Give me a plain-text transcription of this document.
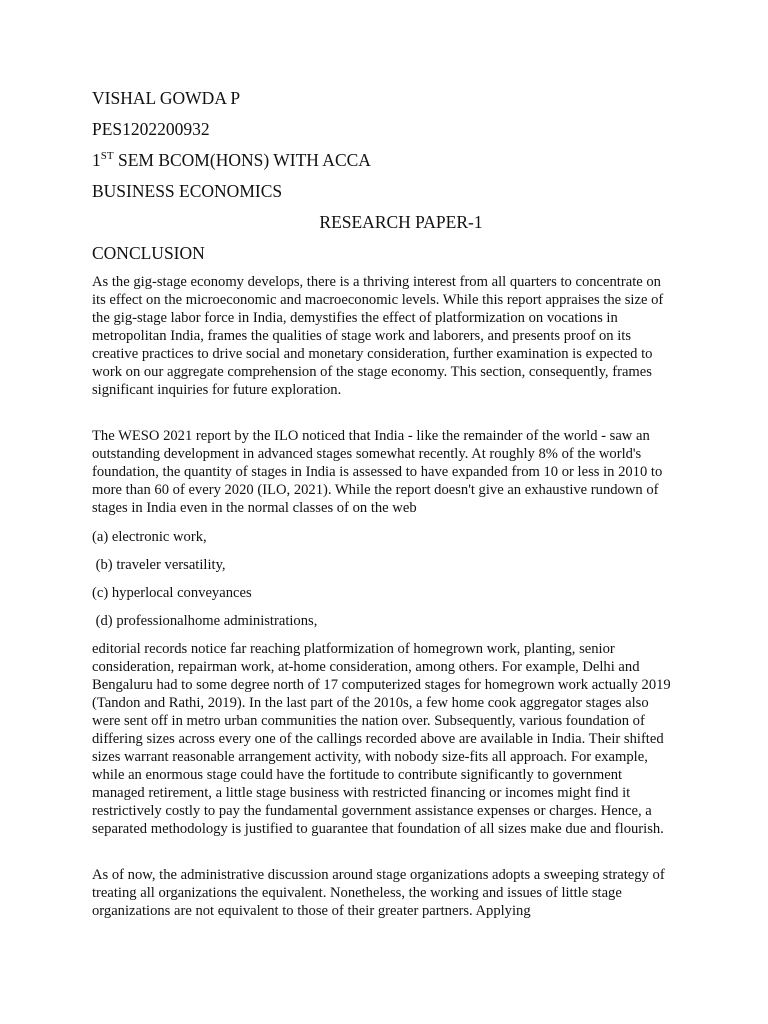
VISHAL GOWDA P
PES1202200932
1ST SEM BCOM(HONS) WITH ACCA
BUSINESS ECONOMICS
RESEARCH PAPER-1
CONCLUSION

As the gig-stage economy develops, there is a thriving interest from all quarters to concentrate on its effect on the microeconomic and macroeconomic levels. While this report appraises the size of the gig-stage labor force in India, demystifies the effect of platformization on vocations in metropolitan India, frames the qualities of stage work and laborers, and presents proof on its creative practices to drive social and monetary consideration, further examination is expected to work on our aggregate comprehension of the stage economy. This section, consequently, frames significant inquiries for future exploration.

The WESO 2021 report by the ILO noticed that India - like the remainder of the world - saw an outstanding development in advanced stages somewhat recently. At roughly 8% of the world's foundation, the quantity of stages in India is assessed to have expanded from 10 or less in 2010 to more than 60 of every 2020 (ILO, 2021). While the report doesn't give an exhaustive rundown of stages in India even in the normal classes of on the web

(a) electronic work,

(b) traveler versatility,

(c) hyperlocal conveyances

(d) professionalhome administrations,

editorial records notice far reaching platformization of homegrown work, planting, senior consideration, repairman work, at-home consideration, among others. For example, Delhi and Bengaluru had to some degree north of 17 computerized stages for homegrown work actually 2019 (Tandon and Rathi, 2019). In the last part of the 2010s, a few home cook aggregator stages also were sent off in metro urban communities the nation over. Subsequently, various foundation of differing sizes across every one of the callings recorded above are available in India. Their shifted sizes warrant reasonable arrangement activity, with nobody size-fits all approach. For example, while an enormous stage could have the fortitude to contribute significantly to government managed retirement, a little stage business with restricted financing or incomes might find it restrictively costly to pay the fundamental government assistance expenses or charges. Hence, a separated methodology is justified to guarantee that foundation of all sizes make due and flourish.

As of now, the administrative discussion around stage organizations adopts a sweeping strategy of treating all organizations the equivalent. Nonetheless, the working and issues of little stage organizations are not equivalent to those of their greater partners. Applying
